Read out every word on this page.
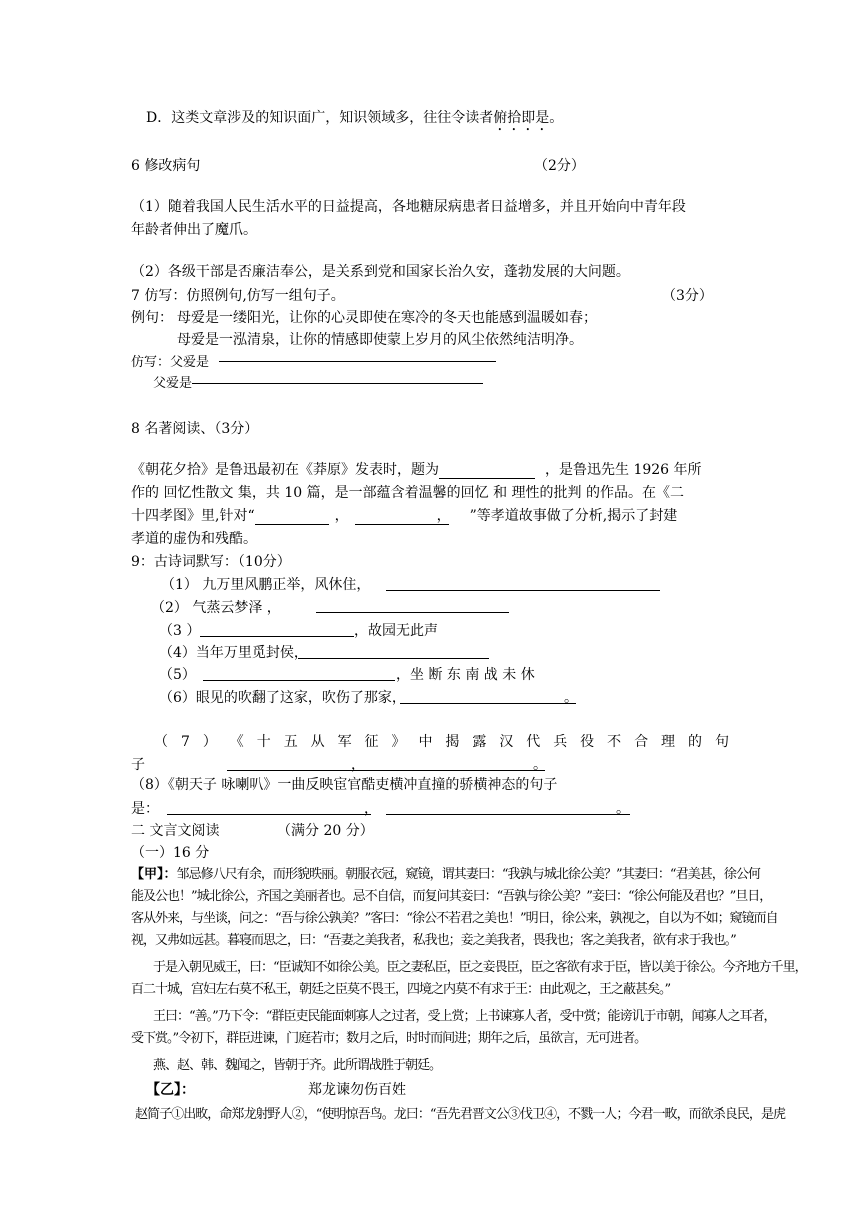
D．这类文章涉及的知识面广，知识领域多，往往令读者俯拾即是。
6 修改病句	（2分）
（1）随着我国人民生活水平的日益提高，各地糖尿病患者日益增多，并且开始向中青年段
年龄者伸出了魔爪。
（2）各级干部是否廉洁奉公，是关系到党和国家长治久安，蓬勃发展的大问题。
7 仿写：仿照例句,仿写一组句子。	（3分）
例句： 母爱是一缕阳光，让你的心灵即使在寒冷的冬天也能感到温暖如春；
母爱是一泓清泉，让你的情感即使蒙上岁月的风尘依然纯洁明净。
仿写：父爱是
父爱是
8 名著阅读、（3分）
《朝花夕拾》是鲁迅最初在《莽原》发表时，题为	，是鲁迅先生 1926 年所
作的 回忆性散文 集，共 10 篇，是一部蕴含着温馨的回忆 和 理性的批判 的作品。在《二
十四孝图》里,针对“	，	， ”等孝道故事做了分析,揭示了封建
孝道的虚伪和残酷。
9：古诗词默写：（10分）
（1） 九万里风鹏正举，风休住，
（2） 气蒸云梦泽 ，
（3 ）	，故园无此声
（4）当年万里觅封侯，
（5）	，坐 断 东 南 战 未 休
（6）眼见的吹翻了这家，吹伤了那家，	。
（ 7 ） 《 十 五 从 军 征 》 中 揭 露 汉 代 兵 役 不 合 理 的 句
子	，	。
（8）《朝天子 咏喇叭》一曲反映宦官酷吏横冲直撞的骄横神态的句子
是：	，	。
二 文言文阅读	（满分 20 分）
（一）16 分
【甲】：邹忌修八尺有余，而形貌昳丽。朝服衣冠，窥镜，谓其妻曰：“我孰与城北徐公美？”其妻曰：“君美甚，徐公何
能及公也！”城北徐公，齐国之美丽者也。忌不自信，而复问其妾曰：“吾孰与徐公美？”妾曰：“徐公何能及君也？”旦日，
客从外来，与坐谈，问之：“吾与徐公孰美？”客曰：“徐公不若君之美也！”明日，徐公来，孰视之，自以为不如；窥镜而自
视，又弗如远甚。暮寝而思之，曰：“吾妻之美我者，私我也；妾之美我者，畏我也；客之美我者，欲有求于我也。”
于是入朝见威王，曰：“臣诚知不如徐公美。臣之妻私臣，臣之妾畏臣，臣之客欲有求于臣，皆以美于徐公。今齐地方千里，
百二十城，宫妇左右莫不私王，朝廷之臣莫不畏王，四境之内莫不有求于王：由此观之，王之蔽甚矣。”
王曰：“善。”乃下令：“群臣吏民能面刺寡人之过者，受上赏；上书谏寡人者，受中赏；能谤讥于市朝，闻寡人之耳者，
受下赏。”令初下，群臣进谏，门庭若市；数月之后，时时而间进；期年之后，虽欲言，无可进者。
燕、赵、韩、魏闻之，皆朝于齐。此所谓战胜于朝廷。
【乙】：	郑龙谏勿伤百姓
赵简子①出畋，命郑龙射野人②，“使明惊吾鸟。龙曰：“吾先君晋文公③伐卫④，不戮一人；今君一畋，而欲杀良民，是虎
